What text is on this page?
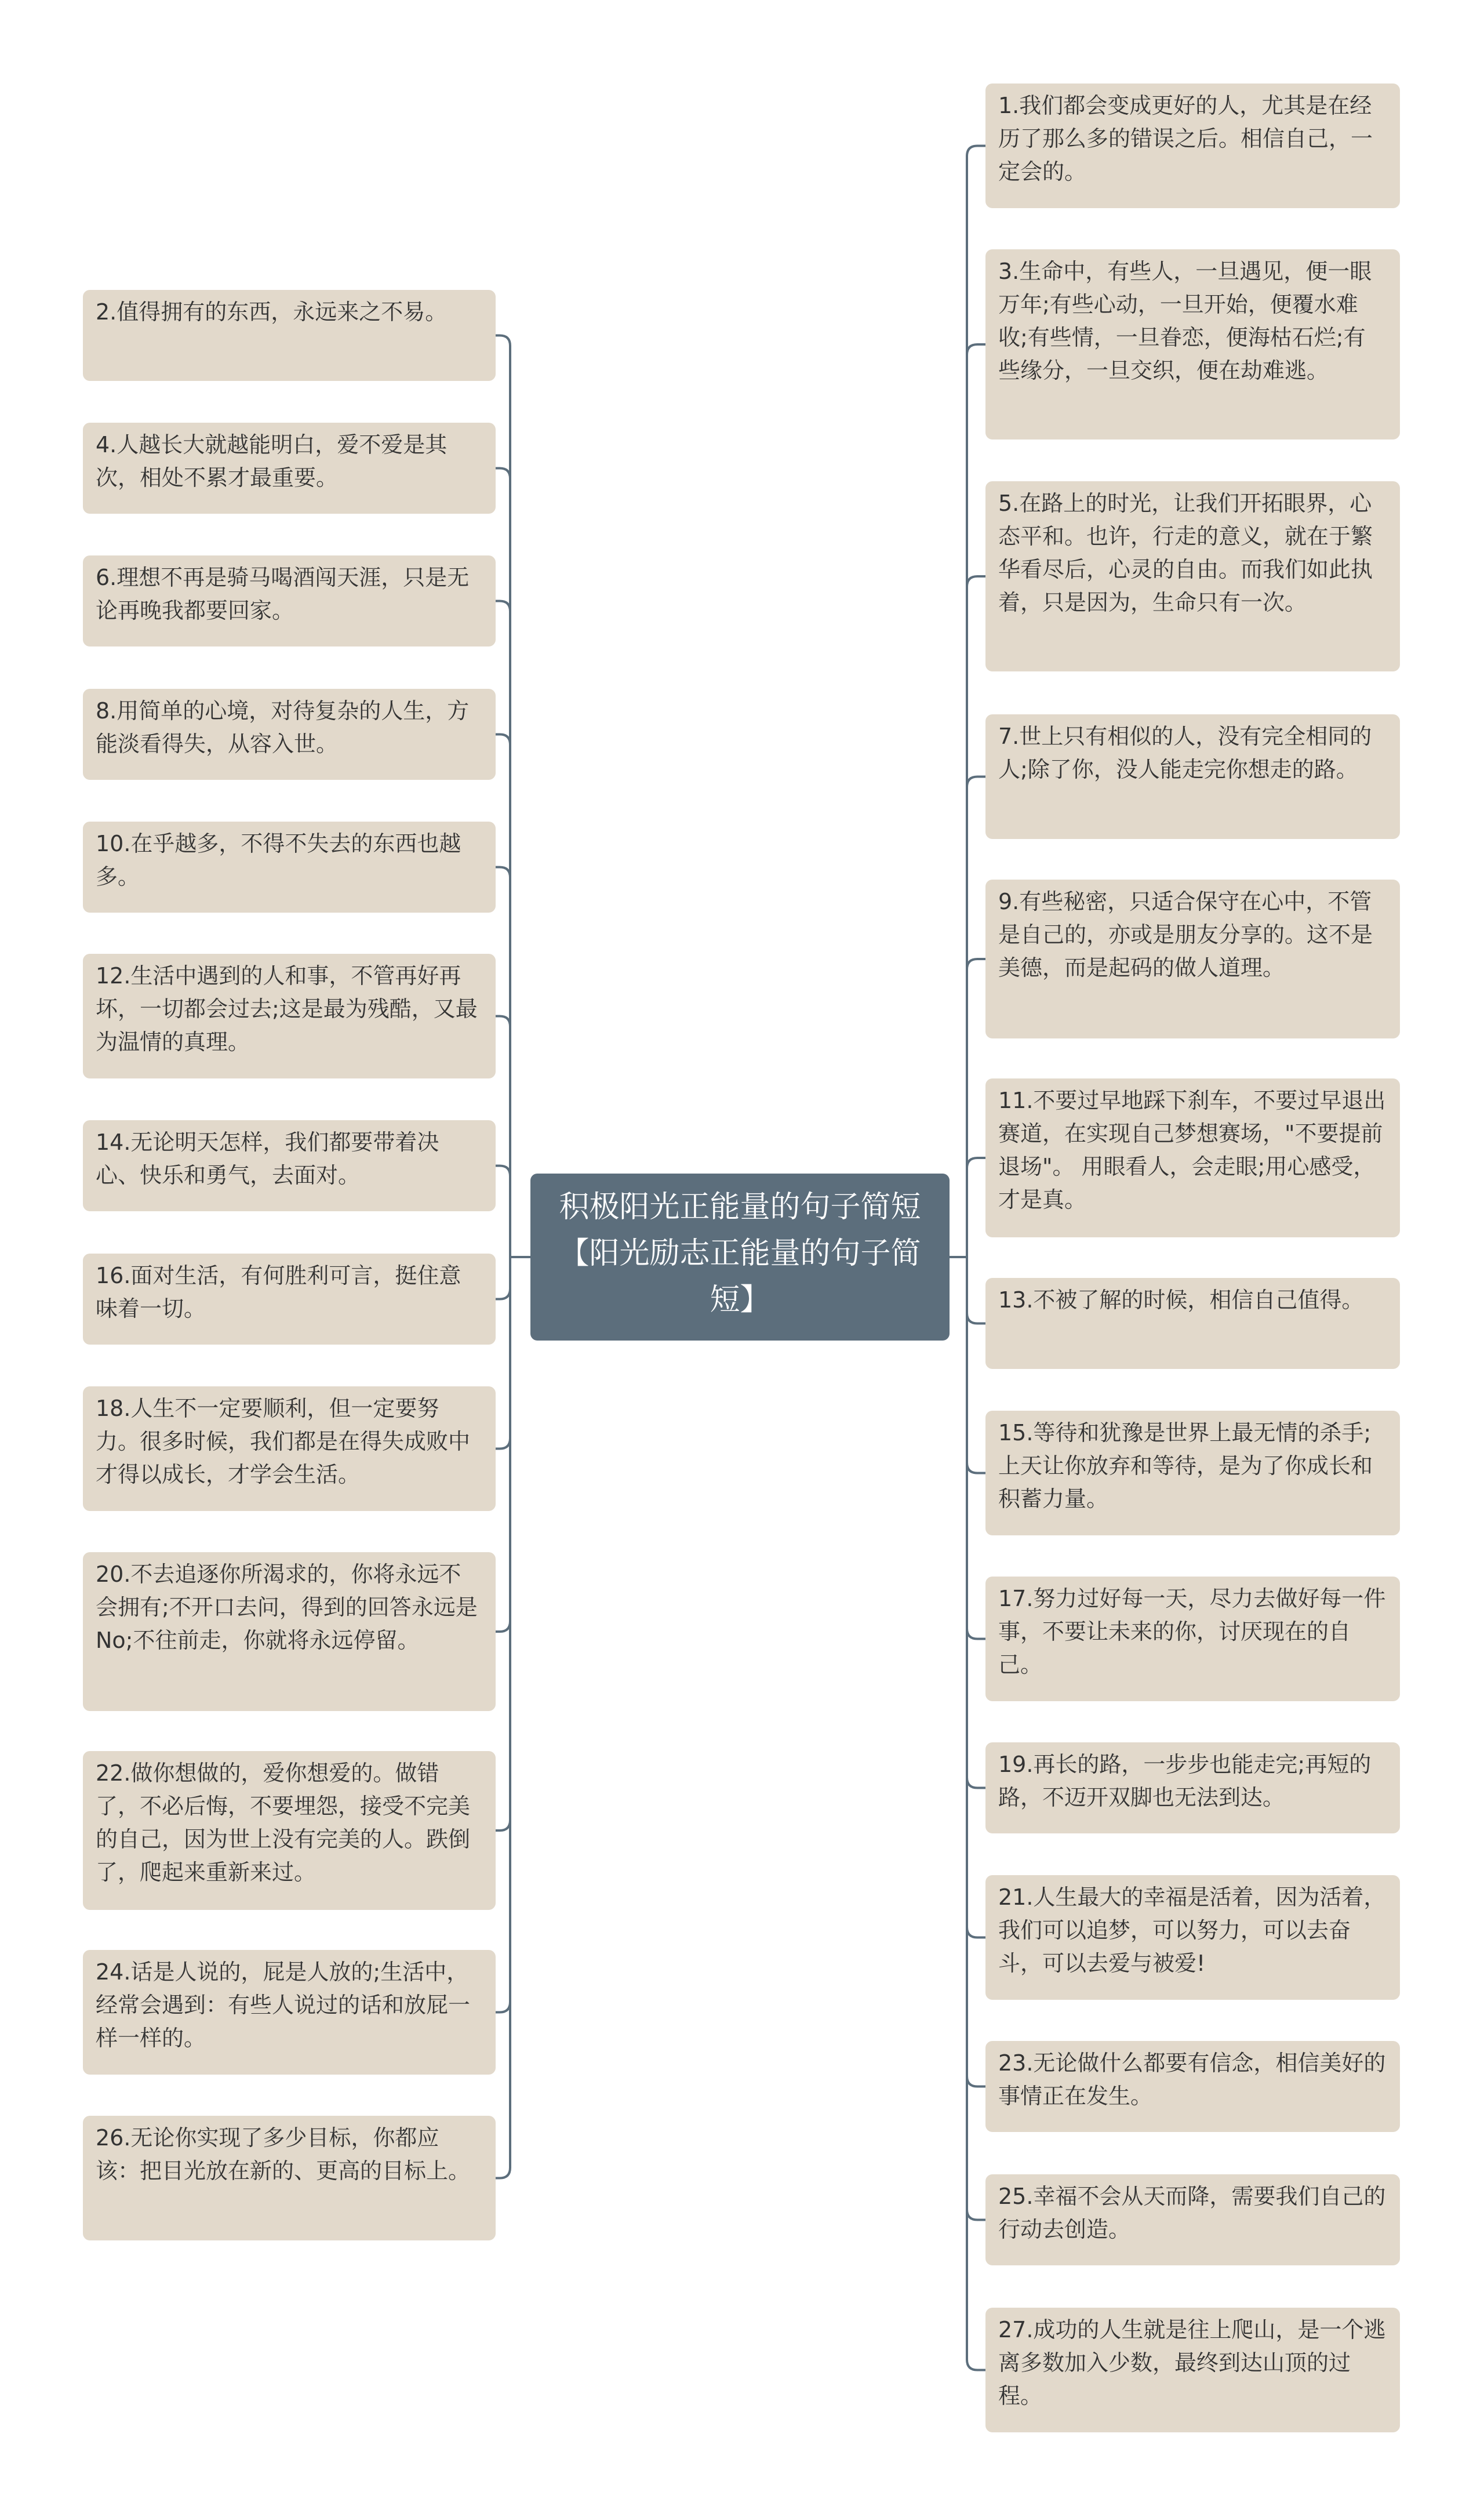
积极阳光正能量的句子简短【阳光励志正能量的句子简短】
2.值得拥有的东西，永远来之不易。
4.人越长大就越能明白，爱不爱是其次，相处不累才最重要。
6.理想不再是骑马喝酒闯天涯，只是无论再晚我都要回家。
8.用简单的心境，对待复杂的人生，方能淡看得失，从容入世。
10.在乎越多，不得不失去的东西也越多。
12.生活中遇到的人和事，不管再好再坏，一切都会过去;这是最为残酷，又最为温情的真理。
14.无论明天怎样，我们都要带着决心、快乐和勇气，去面对。
16.面对生活，有何胜利可言，挺住意味着一切。
18.人生不一定要顺利，但一定要努力。很多时候，我们都是在得失成败中才得以成长，才学会生活。
20.不去追逐你所渴求的，你将永远不会拥有;不开口去问，得到的回答永远是No;不往前走，你就将永远停留。
22.做你想做的，爱你想爱的。做错了，不必后悔，不要埋怨，接受不完美的自己，因为世上没有完美的人。跌倒了，爬起来重新来过。
24.话是人说的，屁是人放的;生活中，经常会遇到：有些人说过的话和放屁一样一样的。
26.无论你实现了多少目标，你都应该：把目光放在新的、更高的目标上。
1.我们都会变成更好的人，尤其是在经历了那么多的错误之后。相信自己，一定会的。
3.生命中，有些人，一旦遇见，便一眼万年;有些心动，一旦开始，便覆水难收;有些情，一旦眷恋，便海枯石烂;有些缘分，一旦交织，便在劫难逃。
5.在路上的时光，让我们开拓眼界，心态平和。也许，行走的意义，就在于繁华看尽后，心灵的自由。而我们如此执着，只是因为，生命只有一次。
7.世上只有相似的人，没有完全相同的人;除了你，没人能走完你想走的路。
9.有些秘密，只适合保守在心中，不管是自己的，亦或是朋友分享的。这不是美德，而是起码的做人道理。
11.不要过早地踩下刹车，不要过早退出赛道，在实现自己梦想赛场，"不要提前退场"。 用眼看人，会走眼;用心感受，才是真。
13.不被了解的时候，相信自己值得。
15.等待和犹豫是世界上最无情的杀手;上天让你放弃和等待，是为了你成长和积蓄力量。
17.努力过好每一天，尽力去做好每一件事，不要让未来的你，讨厌现在的自己。
19.再长的路，一步步也能走完;再短的路，不迈开双脚也无法到达。
21.人生最大的幸福是活着，因为活着，我们可以追梦，可以努力，可以去奋斗，可以去爱与被爱!
23.无论做什么都要有信念，相信美好的事情正在发生。
25.幸福不会从天而降，需要我们自己的行动去创造。
27.成功的人生就是往上爬山，是一个逃离多数加入少数，最终到达山顶的过程。
